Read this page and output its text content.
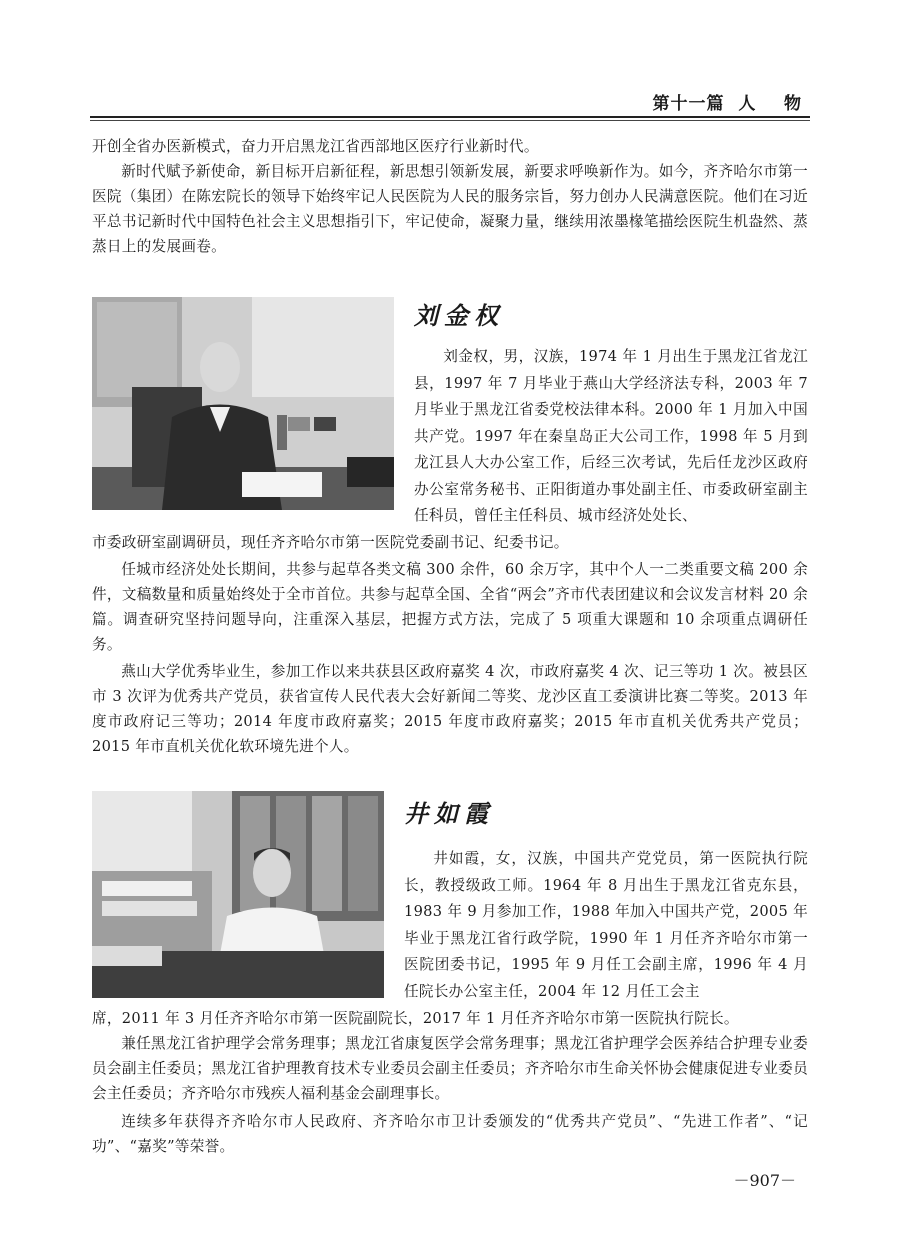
第十一篇  人    物

开创全省办医新模式，奋力开启黑龙江省西部地区医疗行业新时代。

新时代赋予新使命，新目标开启新征程，新思想引领新发展，新要求呼唤新作为。如今，齐齐哈尔市第一医院（集团）在陈宏院长的领导下始终牢记人民医院为人民的服务宗旨，努力创办人民满意医院。他们在习近平总书记新时代中国特色社会主义思想指引下，牢记使命，凝聚力量，继续用浓墨椽笔描绘医院生机盎然、蒸蒸日上的发展画卷。

刘金权

刘金权，男，汉族，1974 年 1 月出生于黑龙江省龙江县，1997 年 7 月毕业于燕山大学经济法专科，2003 年 7 月毕业于黑龙江省委党校法律本科。2000 年 1 月加入中国共产党。1997 年在秦皇岛正大公司工作，1998 年 5 月到龙江县人大办公室工作，后经三次考试，先后任龙沙区政府办公室常务秘书、正阳街道办事处副主任、市委政研室副主任科员，曾任主任科员、城市经济处处长、

市委政研室副调研员，现任齐齐哈尔市第一医院党委副书记、纪委书记。

任城市经济处处长期间，共参与起草各类文稿 300 余件，60 余万字，其中个人一二类重要文稿 200 余件，文稿数量和质量始终处于全市首位。共参与起草全国、全省“两会”齐市代表团建议和会议发言材料 20 余篇。调查研究坚持问题导向，注重深入基层，把握方式方法，完成了 5 项重大课题和 10 余项重点调研任务。

燕山大学优秀毕业生，参加工作以来共获县区政府嘉奖 4 次，市政府嘉奖 4 次、记三等功 1 次。被县区市 3 次评为优秀共产党员，获省宣传人民代表大会好新闻二等奖、龙沙区直工委演讲比赛二等奖。2013 年度市政府记三等功；2014 年度市政府嘉奖；2015 年度市政府嘉奖；2015 年市直机关优秀共产党员；2015 年市直机关优化软环境先进个人。

井如霞

井如霞，女，汉族，中国共产党党员，第一医院执行院长，教授级政工师。1964 年 8 月出生于黑龙江省克东县，1983 年 9 月参加工作，1988 年加入中国共产党，2005 年毕业于黑龙江省行政学院，1990 年 1 月任齐齐哈尔市第一医院团委书记，1995 年 9 月任工会副主席，1996 年 4 月任院长办公室主任，2004 年 12 月任工会主

席，2011 年 3 月任齐齐哈尔市第一医院副院长，2017 年 1 月任齐齐哈尔市第一医院执行院长。

兼任黑龙江省护理学会常务理事；黑龙江省康复医学会常务理事；黑龙江省护理学会医养结合护理专业委员会副主任委员；黑龙江省护理教育技术专业委员会副主任委员；齐齐哈尔市生命关怀协会健康促进专业委员会主任委员；齐齐哈尔市残疾人福利基金会副理事长。

连续多年获得齐齐哈尔市人民政府、齐齐哈尔市卫计委颁发的“优秀共产党员”、“先进工作者”、“记功”、“嘉奖”等荣誉。

－907－
